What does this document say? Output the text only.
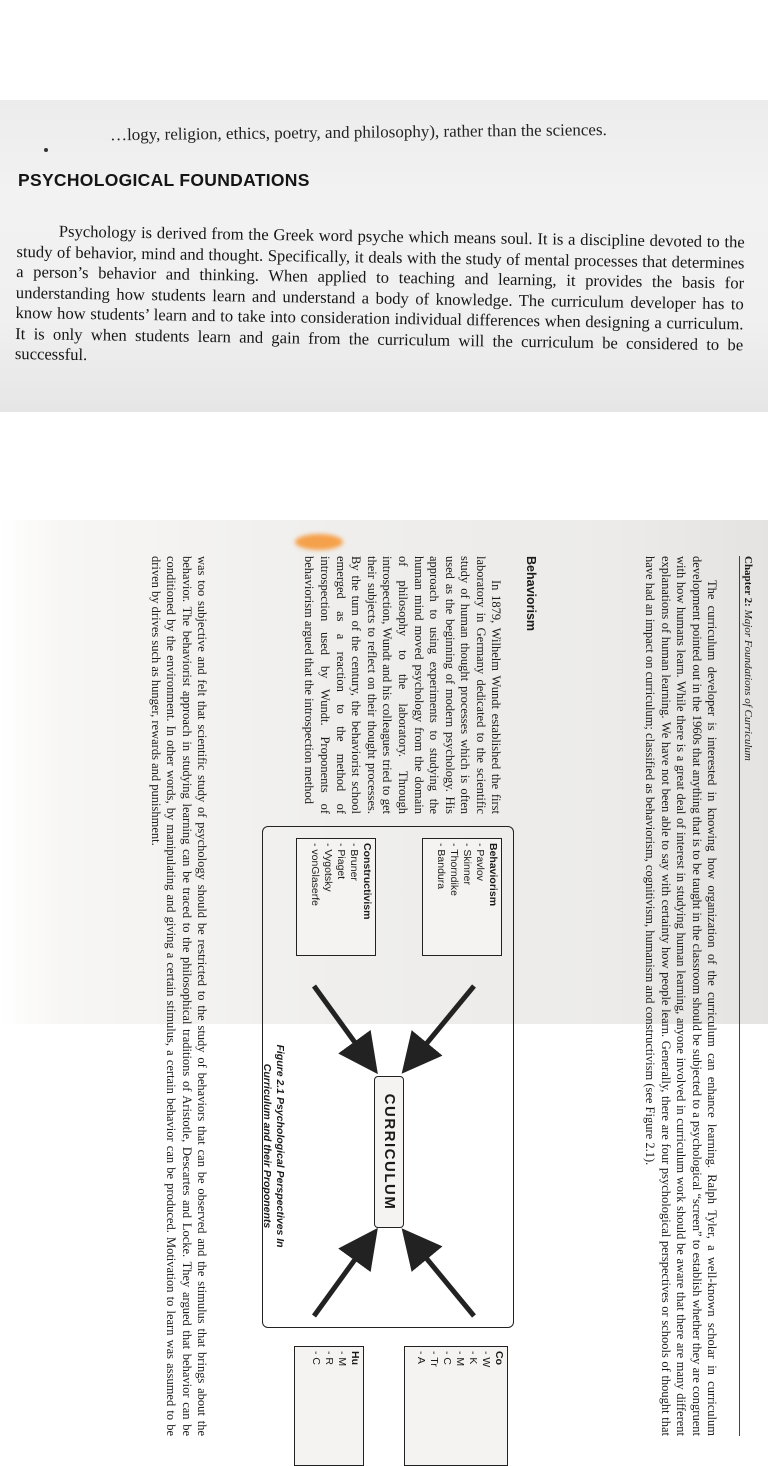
…logy, religion, ethics, poetry, and philosophy), rather than the sciences.
PSYCHOLOGICAL FOUNDATIONS

Psychology is derived from the Greek word psyche which means soul. It is a discipline devoted to the study of behavior, mind and thought. Specifically, it deals with the study of mental processes that determines a person’s behavior and thinking. When applied to teaching and learning, it provides the basis for understanding how students learn and understand a body of knowledge. The curriculum developer has to know how students’ learn and to take into consideration individual differences when designing a curriculum. It is only when students learn and gain from the curriculum will the curriculum be considered to be successful.

Chapter 2: Major Foundations of Curriculum

The curriculum developer is interested in knowing how organization of the curriculum can enhance learning. Ralph Tyler, a well-known scholar in curriculum development pointed out in the 1960s that anything that is to be taught in the classroom should be subjected to a psychological “screen” to establish whether they are congruent with how humans learn. While there is a great deal of interest in studying human learning, anyone involved in curriculum work should be aware that there are many different explanations of human learning. We have not been able to say with certainty how people learn. Generally, there are four psychological perspectives or schools of thought that have had an impact on curriculum; classified as behaviorism, cognitivism, humanism and constructivism (see Figure 2.1).

Behaviorism

In 1879, Wilhelm Wundt established the first laboratory in Germany dedicated to the scientific study of human thought processes which is often used as the beginning of modern psychology. His approach to using experiments to studying the human mind moved psychology from the domain of philosophy to the laboratory. Through introspection, Wundt and his colleagues tried to get their subjects to reflect on their thought processes. By the turn of the century, the behaviorist school emerged as a reaction to the method of introspection used by Wundt. Proponents of behaviorism argued that the introspection method

Behaviorism
- Pavlov
- Skinner
- Thorndike
- Bandura
Constructivism
- Bruner
- Piaget
- Vygotsky
- vonGlaserfe
Co
- W
- K
- M
- C
- Tr
- A
Hu
- M
- R
- C
CURRICULUM
Figure 2.1 Psychological Perspectives In
Curriculum and their Proponents

was too subjective and felt that scientific study of psychology should be restricted to the study of behaviors that can be observed and the stimulus that brings about the behavior. The behaviorist approach in studying learning can be traced to the philosophical traditions of Aristotle, Descartes and Locke. They argued that behavior can be conditioned by the environment. In other words, by manipulating and giving a certain stimulus, a certain behavior can be produced. Motivation to learn was assumed to be driven by drives such as hunger, rewards and punishment.
